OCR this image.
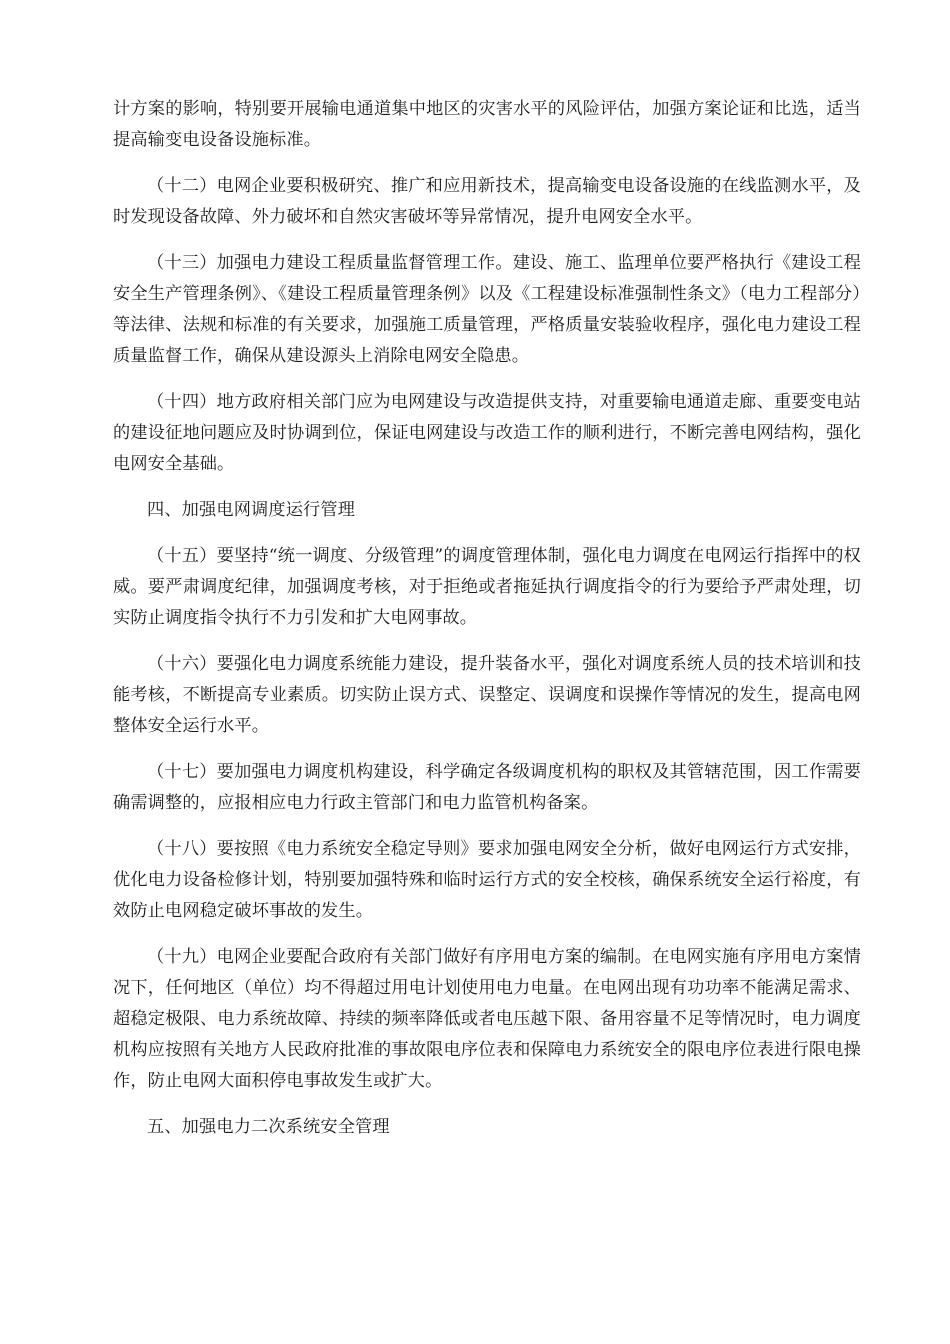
计方案的影响，特别要开展输电通道集中地区的灾害水平的风险评估，加强方案论证和比选，适当提高输变电设备设施标准。

（十二）电网企业要积极研究、推广和应用新技术，提高输变电设备设施的在线监测水平，及时发现设备故障、外力破坏和自然灾害破坏等异常情况，提升电网安全水平。

（十三）加强电力建设工程质量监督管理工作。建设、施工、监理单位要严格执行《建设工程安全生产管理条例》、《建设工程质量管理条例》以及《工程建设标准强制性条文》（电力工程部分）等法律、法规和标准的有关要求，加强施工质量管理，严格质量安装验收程序，强化电力建设工程质量监督工作，确保从建设源头上消除电网安全隐患。

（十四）地方政府相关部门应为电网建设与改造提供支持，对重要输电通道走廊、重要变电站的建设征地问题应及时协调到位，保证电网建设与改造工作的顺利进行，不断完善电网结构，强化电网安全基础。

四、加强电网调度运行管理

（十五）要坚持“统一调度、分级管理”的调度管理体制，强化电力调度在电网运行指挥中的权威。要严肃调度纪律，加强调度考核，对于拒绝或者拖延执行调度指令的行为要给予严肃处理，切实防止调度指令执行不力引发和扩大电网事故。

（十六）要强化电力调度系统能力建设，提升装备水平，强化对调度系统人员的技术培训和技能考核，不断提高专业素质。切实防止误方式、误整定、误调度和误操作等情况的发生，提高电网整体安全运行水平。

（十七）要加强电力调度机构建设，科学确定各级调度机构的职权及其管辖范围，因工作需要确需调整的，应报相应电力行政主管部门和电力监管机构备案。

（十八）要按照《电力系统安全稳定导则》要求加强电网安全分析，做好电网运行方式安排，优化电力设备检修计划，特别要加强特殊和临时运行方式的安全校核，确保系统安全运行裕度，有效防止电网稳定破坏事故的发生。

（十九）电网企业要配合政府有关部门做好有序用电方案的编制。在电网实施有序用电方案情况下，任何地区（单位）均不得超过用电计划使用电力电量。在电网出现有功功率不能满足需求、超稳定极限、电力系统故障、持续的频率降低或者电压越下限、备用容量不足等情况时，电力调度机构应按照有关地方人民政府批准的事故限电序位表和保障电力系统安全的限电序位表进行限电操作，防止电网大面积停电事故发生或扩大。

五、加强电力二次系统安全管理
